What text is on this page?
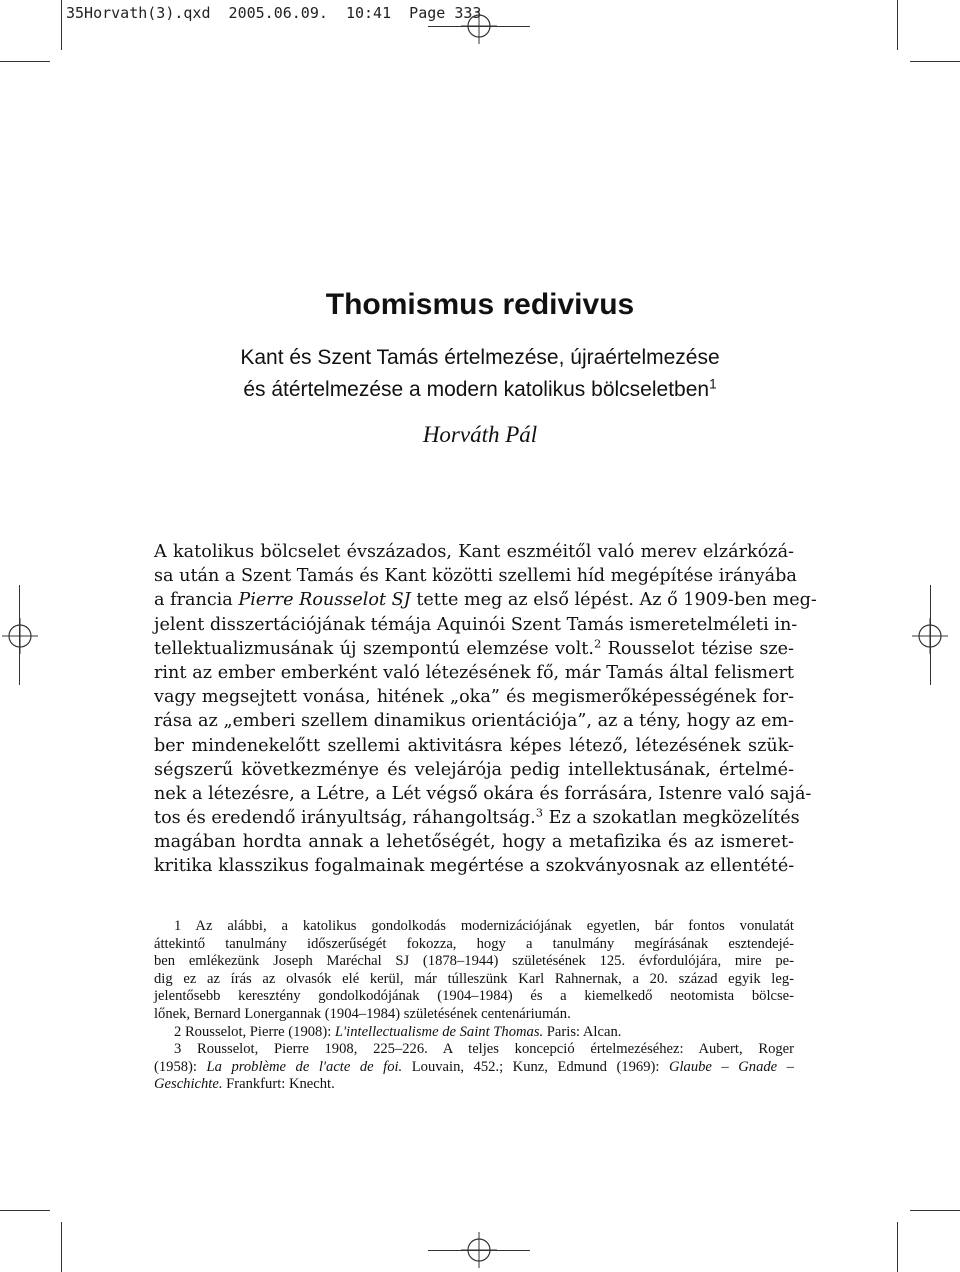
35Horvath(3).qxd  2005.06.09.  10:41  Page 333
Thomismus redivivus
Kant és Szent Tamás értelmezése, újraértelmezése
és átértelmezése a modern katolikus bölcseletben$^1$
Horváth Pál
A katolikus bölcselet évszázados, Kant eszméitől való merev elzárkózá-
sa után a Szent Tamás és Kant közötti szellemi híd megépítése irányába
a francia Pierre Rousselot SJ tette meg az első lépést. Az ő 1909-ben meg-
jelent disszertációjának témája Aquinói Szent Tamás ismeretelméleti in-
tellektualizmusának új szempontú elemzése volt.$^2$ Rousselot tézise sze-
rint az ember emberként való létezésének fő, már Tamás által felismert
vagy megsejtett vonása, hitének „oka” és megismerőképességének for-
rása az „emberi szellem dinamikus orientációja”, az a tény, hogy az em-
ber mindenekelőtt szellemi aktivitásra képes létező, létezésének szük-
ségszerű következménye és velejárója pedig intellektusának, értelmé-
nek a létezésre, a Létre, a Lét végső okára és forrására, Istenre való sajá-
tos és eredendő irányultság, ráhangoltság.$^3$ Ez a szokatlan megközelítés
magában hordta annak a lehetőségét, hogy a metafizika és az ismeret-
kritika klasszikus fogalmainak megértése a szokványosnak az ellentété-
1 Az alábbi, a katolikus gondolkodás modernizációjának egyetlen, bár fontos vonulatát
áttekintő tanulmány időszerűségét fokozza, hogy a tanulmány megírásának esztendejé-
ben emlékezünk Joseph Maréchal SJ (1878–1944) születésének 125. évfordulójára, mire pe-
dig ez az írás az olvasók elé kerül, már túlleszünk Karl Rahnernak, a 20. század egyik leg-
jelentősebb keresztény gondolkodójának (1904–1984) és a kiemelkedő neotomista bölcse-
lőnek, Bernard Lonergannak (1904–1984) születésének centenáriumán.
2 Rousselot, Pierre (1908): L'intellectualisme de Saint Thomas. Paris: Alcan.
3 Rousselot, Pierre 1908, 225–226. A teljes koncepció értelmezéséhez: Aubert, Roger
(1958): La problème de l'acte de foi. Louvain, 452.; Kunz, Edmund (1969): Glaube – Gnade –
Geschichte. Frankfurt: Knecht.
